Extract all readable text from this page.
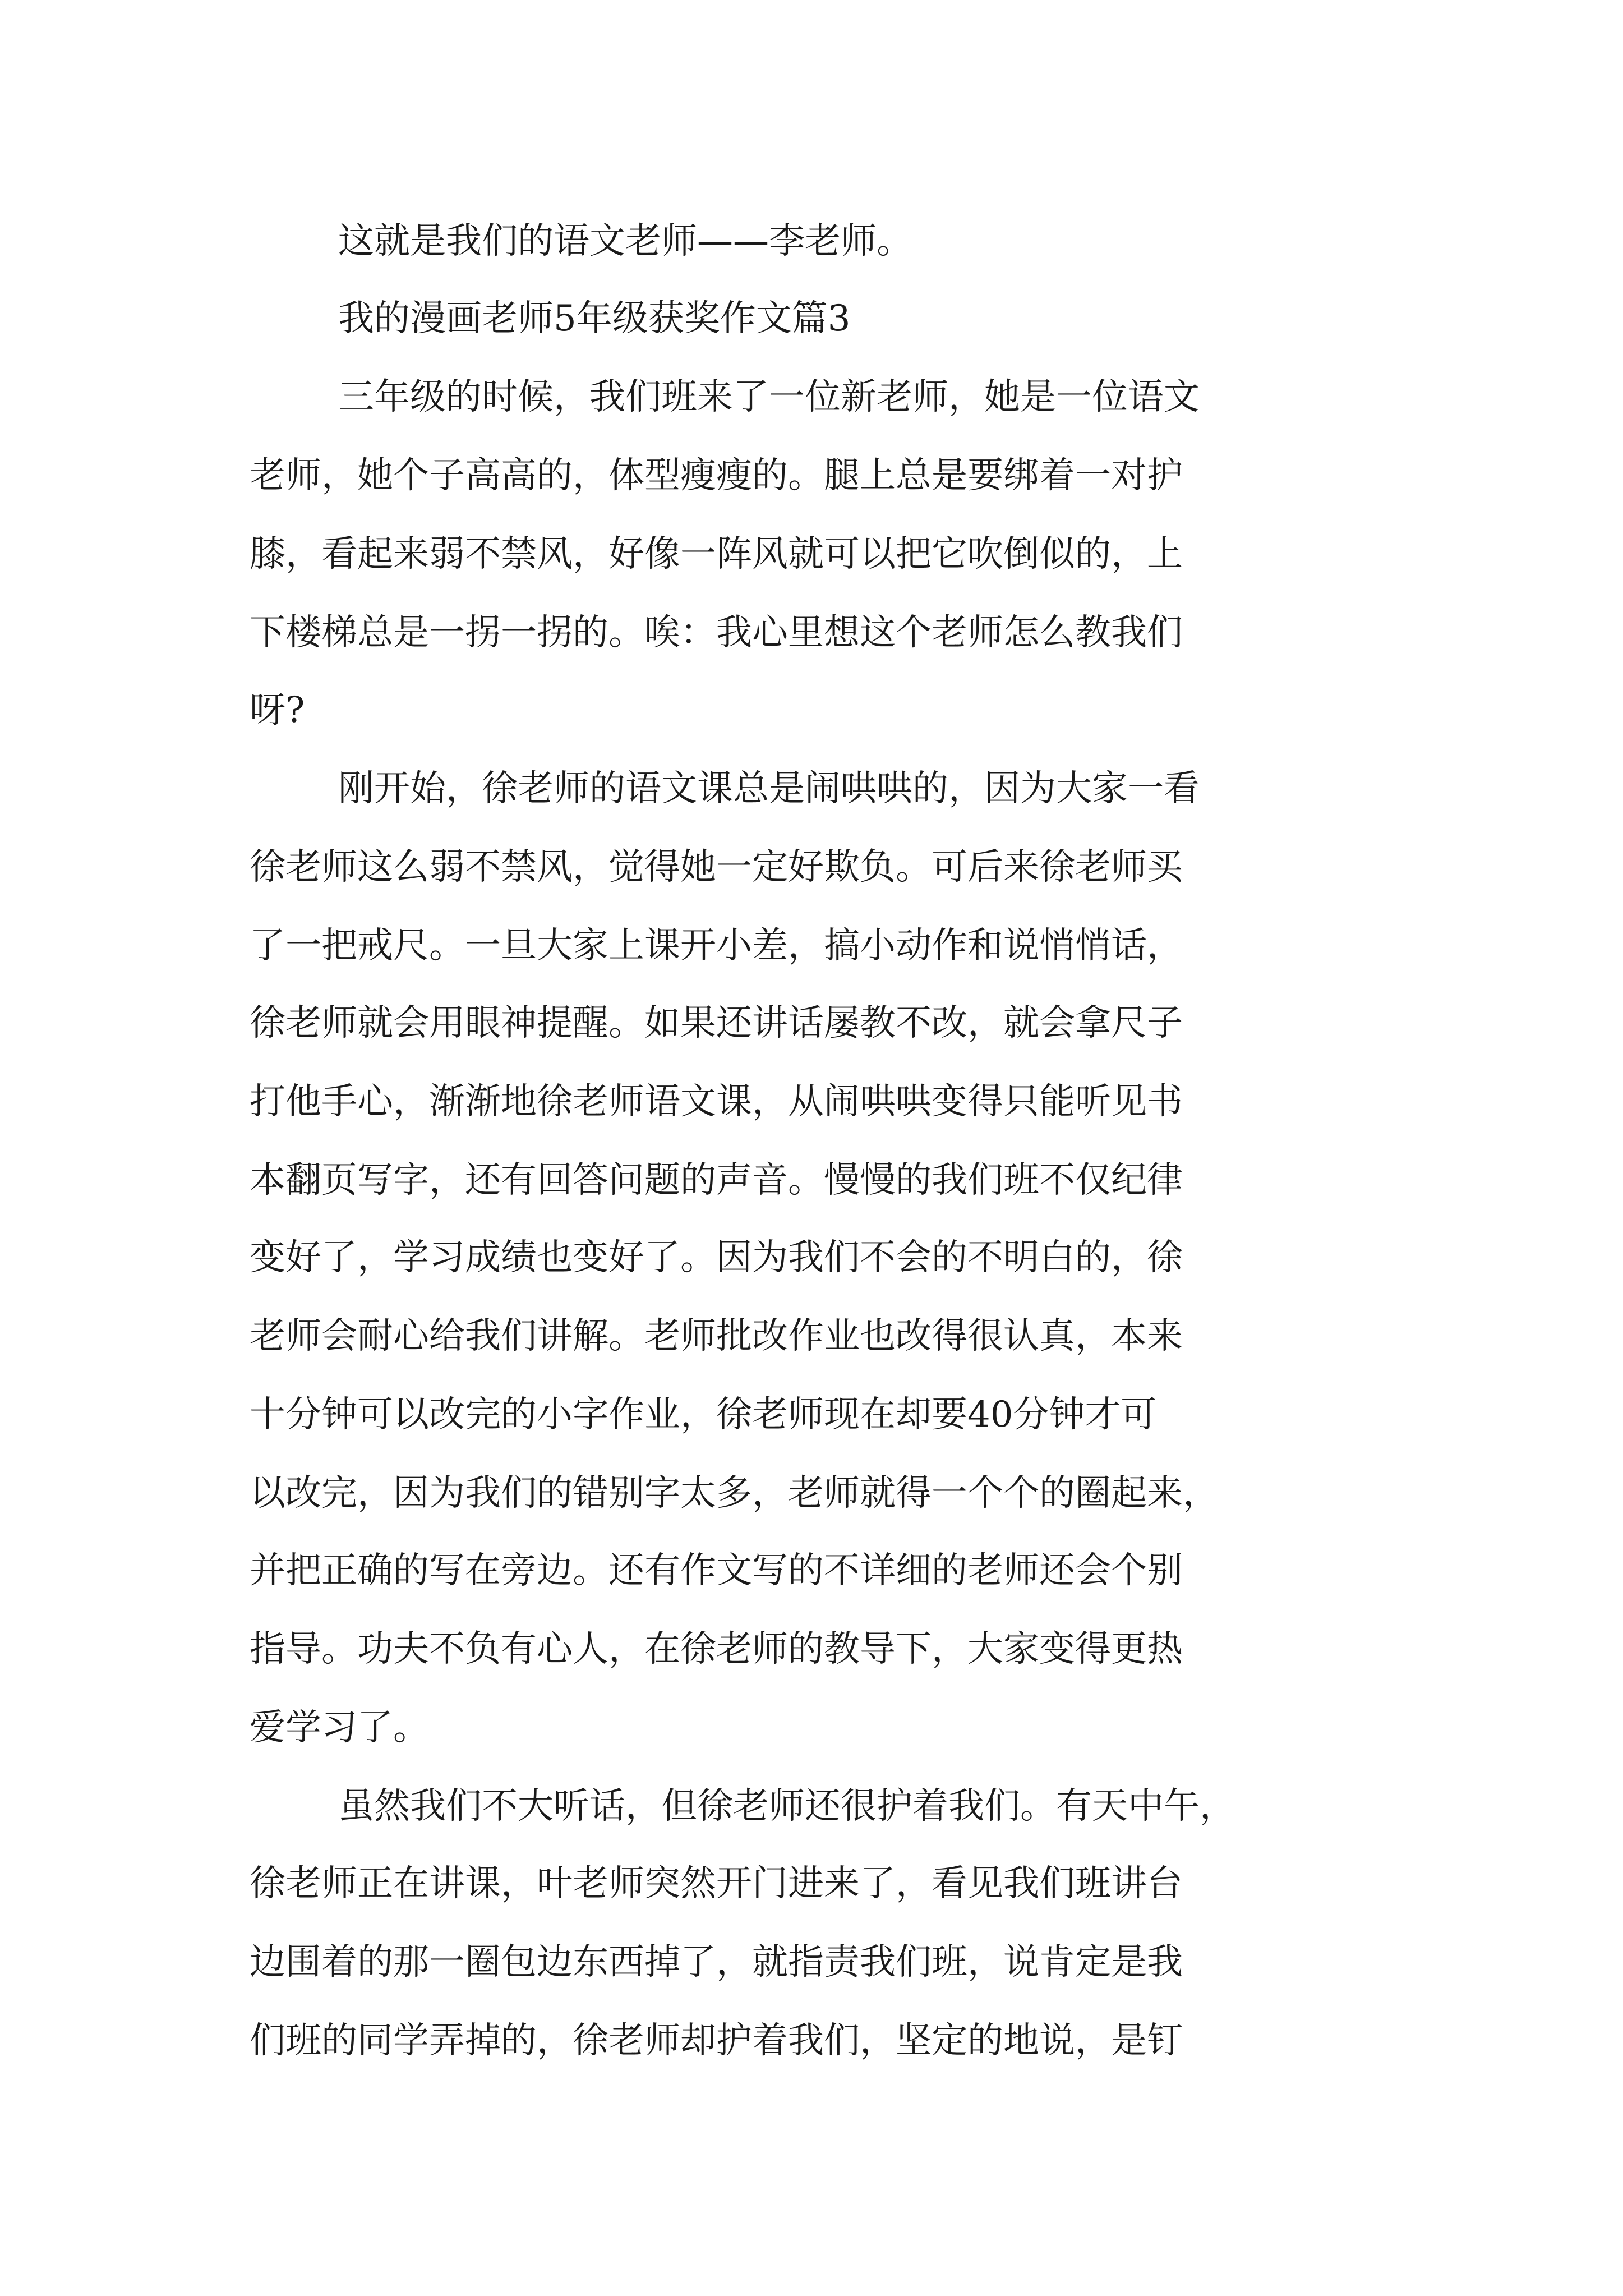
这就是我们的语文老师——李老师。
我的漫画老师5年级获奖作文篇3
三年级的时候，我们班来了一位新老师，她是一位语文
老师，她个子高高的，体型瘦瘦的。腿上总是要绑着一对护
膝，看起来弱不禁风，好像一阵风就可以把它吹倒似的，上
下楼梯总是一拐一拐的。唉：我心里想这个老师怎么教我们
呀?
刚开始，徐老师的语文课总是闹哄哄的，因为大家一看
徐老师这么弱不禁风，觉得她一定好欺负。可后来徐老师买
了一把戒尺。一旦大家上课开小差，搞小动作和说悄悄话，
徐老师就会用眼神提醒。如果还讲话屡教不改，就会拿尺子
打他手心，渐渐地徐老师语文课，从闹哄哄变得只能听见书
本翻页写字，还有回答问题的声音。慢慢的我们班不仅纪律
变好了，学习成绩也变好了。因为我们不会的不明白的，徐
老师会耐心给我们讲解。老师批改作业也改得很认真，本来
十分钟可以改完的小字作业，徐老师现在却要40分钟才可
以改完，因为我们的错别字太多，老师就得一个个的圈起来，
并把正确的写在旁边。还有作文写的不详细的老师还会个别
指导。功夫不负有心人，在徐老师的教导下，大家变得更热
爱学习了。
虽然我们不大听话，但徐老师还很护着我们。有天中午，
徐老师正在讲课，叶老师突然开门进来了，看见我们班讲台
边围着的那一圈包边东西掉了，就指责我们班，说肯定是我
们班的同学弄掉的，徐老师却护着我们，坚定的地说，是钉
